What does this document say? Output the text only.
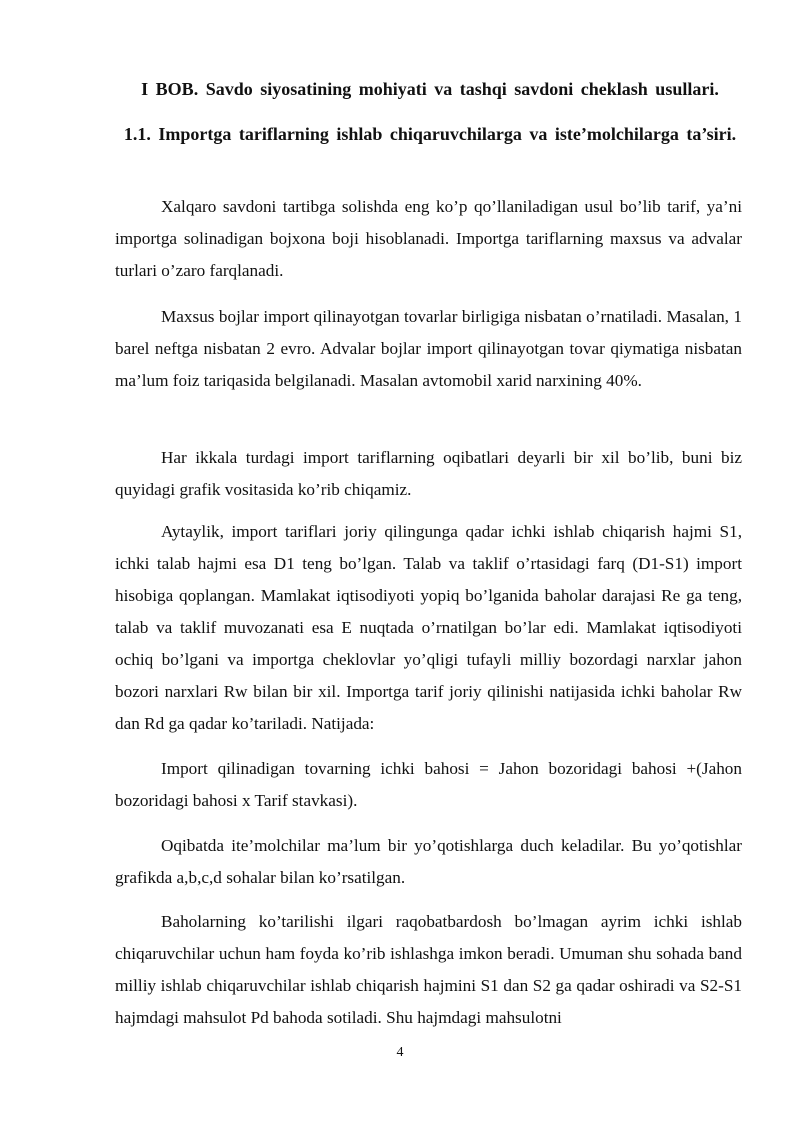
I BOB. Savdo siyosatining mohiyati va tashqi savdoni cheklash usullari.
1.1. Importga tariflarning ishlab chiqaruvchilarga va iste’molchilarga ta’siri.

Xalqaro savdoni tartibga solishda eng ko’p qo’llaniladigan usul bo’lib tarif, ya’ni importga solinadigan bojxona boji hisoblanadi. Importga tariflarning maxsus va advalar turlari o’zaro farqlanadi.

Maxsus bojlar import qilinayotgan tovarlar birligiga nisbatan o’rnatiladi. Masalan, 1 barel neftga nisbatan 2 evro. Advalar bojlar import qilinayotgan tovar qiymatiga nisbatan ma’lum foiz tariqasida belgilanadi. Masalan avtomobil xarid narxining 40%.

Har ikkala turdagi import tariflarning oqibatlari deyarli bir xil bo’lib, buni biz quyidagi grafik vositasida ko’rib chiqamiz.

Aytaylik, import tariflari joriy qilingunga qadar ichki ishlab chiqarish hajmi S1, ichki talab hajmi esa D1 teng bo’lgan. Talab va taklif o’rtasidagi farq (D1-S1) import hisobiga qoplangan. Mamlakat iqtisodiyoti yopiq bo’lganida baholar darajasi Re ga teng, talab va taklif muvozanati esa E nuqtada o’rnatilgan bo’lar edi. Mamlakat iqtisodiyoti ochiq bo’lgani va importga cheklovlar yo’qligi tufayli milliy bozordagi narxlar jahon bozori narxlari Rw bilan bir xil. Importga tarif joriy qilinishi natijasida ichki baholar Rw dan Rd ga qadar ko’tariladi. Natijada:

Import qilinadigan tovarning ichki bahosi = Jahon bozoridagi bahosi +(Jahon bozoridagi bahosi x Tarif stavkasi).

Oqibatda ite’molchilar ma’lum bir yo’qotishlarga duch keladilar. Bu yo’qotishlar grafikda a,b,c,d sohalar bilan ko’rsatilgan.

Baholarning ko’tarilishi ilgari raqobatbardosh bo’lmagan ayrim ichki ishlab chiqaruvchilar uchun ham foyda ko’rib ishlashga imkon beradi. Umuman shu sohada band milliy ishlab chiqaruvchilar ishlab chiqarish hajmini S1 dan S2 ga qadar oshiradi va S2-S1 hajmdagi mahsulot Pd bahoda sotiladi. Shu hajmdagi mahsulotni

4
